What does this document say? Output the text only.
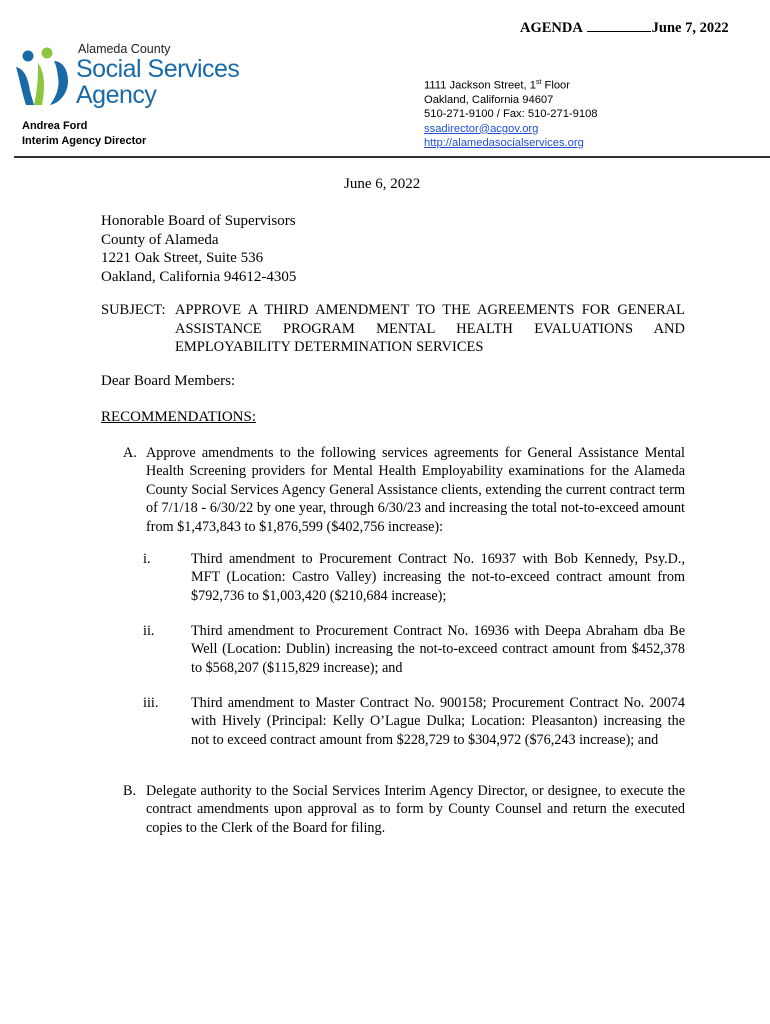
AGENDA	June 7, 2022
Alameda County
Social Services
Agency
Andrea Ford
Interim Agency Director
1111 Jackson Street, 1st Floor
Oakland, California 94607
510-271-9100 / Fax: 510-271-9108
ssadirector@acgov.org
http://alamedasocialservices.org
June 6, 2022
Honorable Board of Supervisors
County of Alameda
1221 Oak Street, Suite 536
Oakland, California 94612-4305
SUBJECT: APPROVE A THIRD AMENDMENT TO THE AGREEMENTS FOR GENERAL ASSISTANCE PROGRAM MENTAL HEALTH EVALUATIONS AND EMPLOYABILITY DETERMINATION SERVICES
Dear Board Members:
RECOMMENDATIONS:
A. Approve amendments to the following services agreements for General Assistance Mental Health Screening providers for Mental Health Employability examinations for the Alameda County Social Services Agency General Assistance clients, extending the current contract term of 7/1/18 - 6/30/22 by one year, through 6/30/23 and increasing the total not-to-exceed amount from $1,473,843 to $1,876,599 ($402,756 increase):
i.	Third amendment to Procurement Contract No. 16937 with Bob Kennedy, Psy.D., MFT (Location: Castro Valley) increasing the not-to-exceed contract amount from $792,736 to $1,003,420 ($210,684 increase);
ii.	Third amendment to Procurement Contract No. 16936 with Deepa Abraham dba Be Well (Location: Dublin) increasing the not-to-exceed contract amount from $452,378 to $568,207 ($115,829 increase); and
iii.	Third amendment to Master Contract No. 900158; Procurement Contract No. 20074 with Hively (Principal: Kelly O’Lague Dulka; Location: Pleasanton) increasing the not to exceed contract amount from $228,729 to $304,972 ($76,243 increase); and
B. Delegate authority to the Social Services Interim Agency Director, or designee, to execute the contract amendments upon approval as to form by County Counsel and return the executed copies to the Clerk of the Board for filing.
